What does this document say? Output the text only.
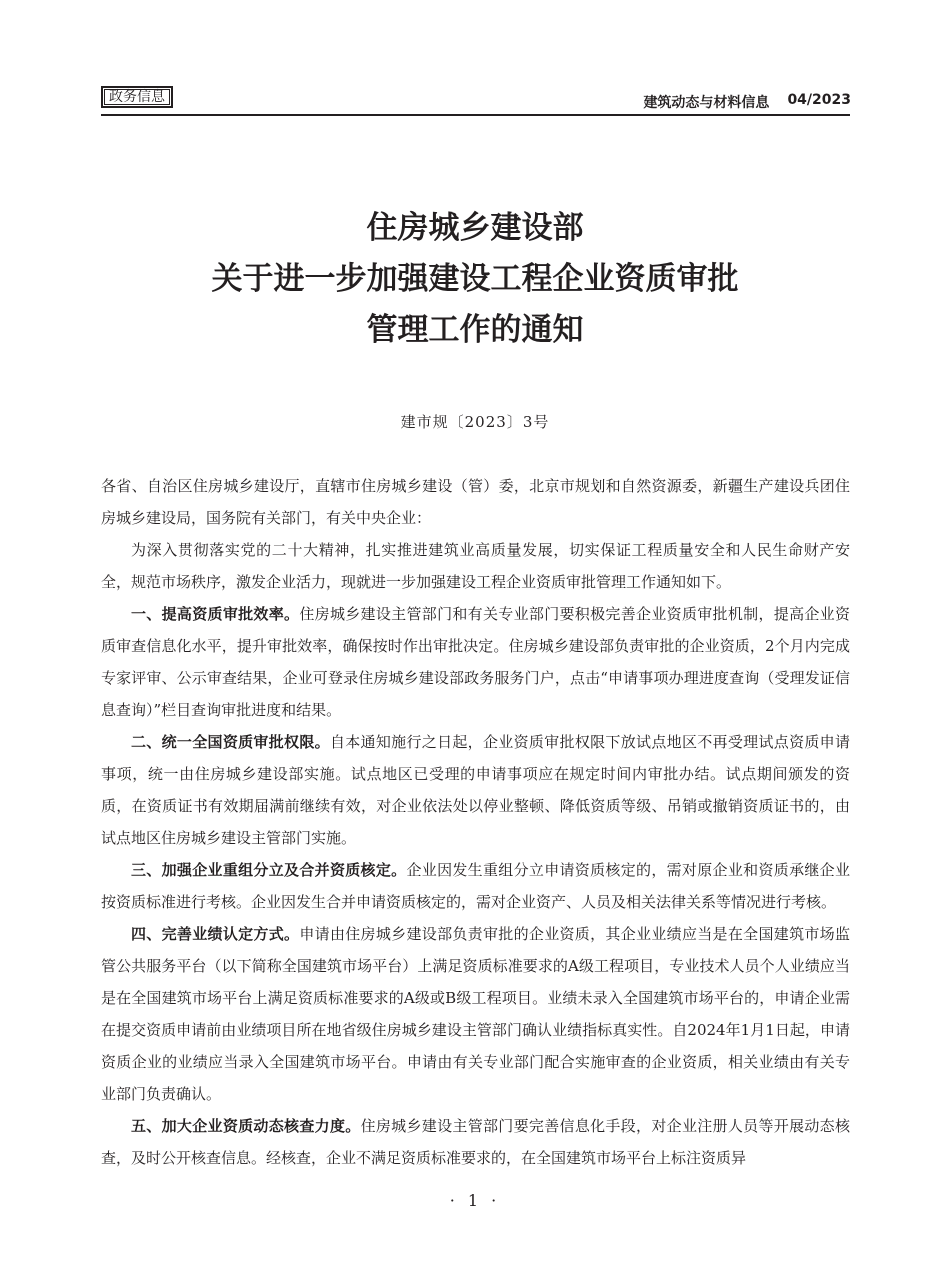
政务信息	建筑动态与材料信息 04/2023
住房城乡建设部
关于进一步加强建设工程企业资质审批
管理工作的通知
建市规〔2023〕3号

各省、自治区住房城乡建设厅，直辖市住房城乡建设（管）委，北京市规划和自然资源委，新疆生产建设兵团住房城乡建设局，国务院有关部门，有关中央企业：

为深入贯彻落实党的二十大精神，扎实推进建筑业高质量发展，切实保证工程质量安全和人民生命财产安全，规范市场秩序，激发企业活力，现就进一步加强建设工程企业资质审批管理工作通知如下。

一、提高资质审批效率。住房城乡建设主管部门和有关专业部门要积极完善企业资质审批机制，提高企业资质审查信息化水平，提升审批效率，确保按时作出审批决定。住房城乡建设部负责审批的企业资质，2个月内完成专家评审、公示审查结果，企业可登录住房城乡建设部政务服务门户，点击“申请事项办理进度查询（受理发证信息查询）”栏目查询审批进度和结果。

二、统一全国资质审批权限。自本通知施行之日起，企业资质审批权限下放试点地区不再受理试点资质申请事项，统一由住房城乡建设部实施。试点地区已受理的申请事项应在规定时间内审批办结。试点期间颁发的资质，在资质证书有效期届满前继续有效，对企业依法处以停业整顿、降低资质等级、吊销或撤销资质证书的，由试点地区住房城乡建设主管部门实施。

三、加强企业重组分立及合并资质核定。企业因发生重组分立申请资质核定的，需对原企业和资质承继企业按资质标准进行考核。企业因发生合并申请资质核定的，需对企业资产、人员及相关法律关系等情况进行考核。

四、完善业绩认定方式。申请由住房城乡建设部负责审批的企业资质，其企业业绩应当是在全国建筑市场监管公共服务平台（以下简称全国建筑市场平台）上满足资质标准要求的A级工程项目，专业技术人员个人业绩应当是在全国建筑市场平台上满足资质标准要求的A级或B级工程项目。业绩未录入全国建筑市场平台的，申请企业需在提交资质申请前由业绩项目所在地省级住房城乡建设主管部门确认业绩指标真实性。自2024年1月1日起，申请资质企业的业绩应当录入全国建筑市场平台。申请由有关专业部门配合实施审查的企业资质，相关业绩由有关专业部门负责确认。

五、加大企业资质动态核查力度。住房城乡建设主管部门要完善信息化手段，对企业注册人员等开展动态核查，及时公开核查信息。经核查，企业不满足资质标准要求的，在全国建筑市场平台上标注资质异

· 1 ·
